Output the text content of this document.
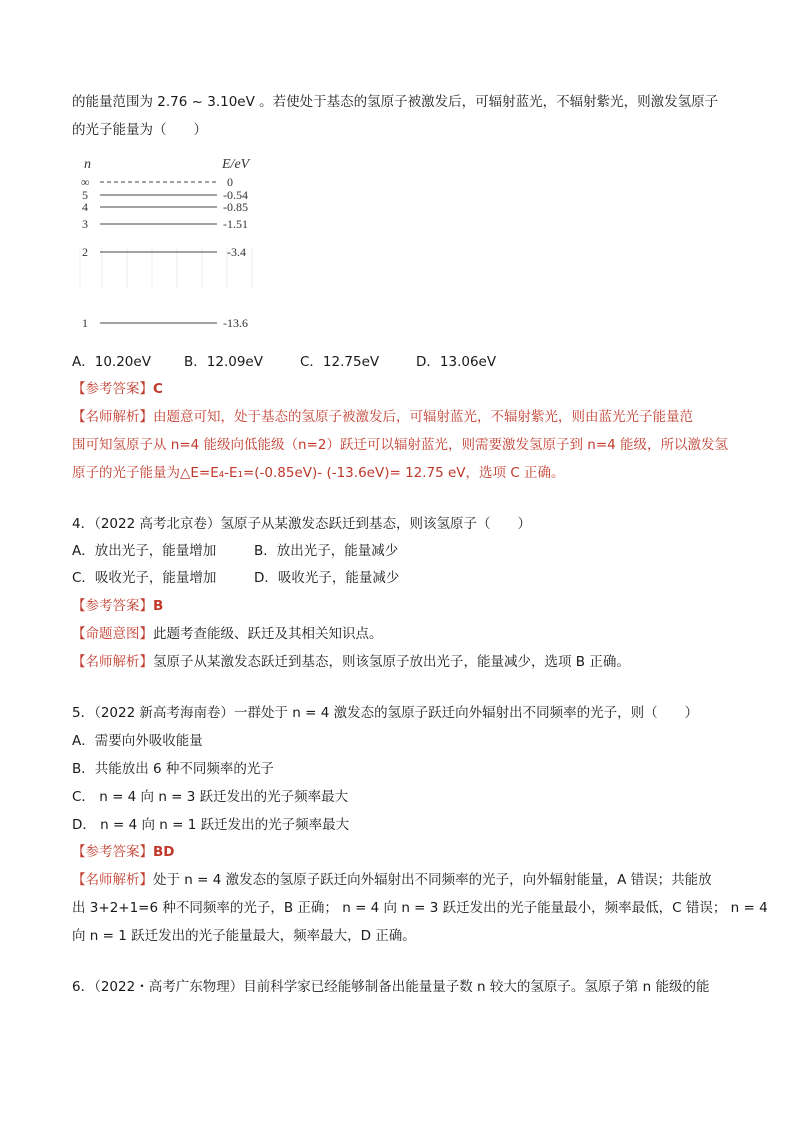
的能量范围为 2.76 ~ 3.10eV 。若使处于基态的氢原子被激发后，可辐射蓝光，不辐射紫光，则激发氢原子
的光子能量为（　　）
n	E/eV
∞	0
5	-0.54
4	-0.85
3	-1.51
2	-3.4
1	-13.6
A．10.20eV B．12.09eV	C．12.75eV	D．13.06eV
【参考答案】C
【名师解析】由题意可知，处于基态的氢原子被激发后，可辐射蓝光，不辐射紫光，则由蓝光光子能量范
围可知氢原子从 n=4 能级向低能级（n=2）跃迁可以辐射蓝光，则需要激发氢原子到 n=4 能级，所以激发氢
原子的光子能量为△E=E₄-E₁=(-0.85eV)- (-13.6eV)= 12.75 eV，选项 C 正确。
4．（2022 高考北京卷）氢原子从某激发态跃迁到基态，则该氢原子（　　）
A．放出光子，能量增加	B．放出光子，能量减少
C．吸收光子，能量增加	D．吸收光子，能量减少
【参考答案】B
【命题意图】此题考查能级、跃迁及其相关知识点。
【名师解析】氢原子从某激发态跃迁到基态，则该氢原子放出光子，能量减少，选项 B 正确。
5．（2022 新高考海南卷）一群处于 n = 4 激发态的氢原子跃迁向外辐射出不同频率的光子，则（　　）
A．需要向外吸收能量
B．共能放出 6 种不同频率的光子
C． n = 4 向 n = 3 跃迁发出的光子频率最大
D． n = 4 向 n = 1 跃迁发出的光子频率最大
【参考答案】BD
【名师解析】处于 n = 4 激发态的氢原子跃迁向外辐射出不同频率的光子，向外辐射能量，A 错误；共能放
出 3+2+1=6 种不同频率的光子，B 正确； n = 4 向 n = 3 跃迁发出的光子能量最小，频率最低，C 错误； n = 4
向 n = 1 跃迁发出的光子能量最大，频率最大，D 正确。
6．（2022・高考广东物理）目前科学家已经能够制备出能量量子数 n 较大的氢原子。氢原子第 n 能级的能
